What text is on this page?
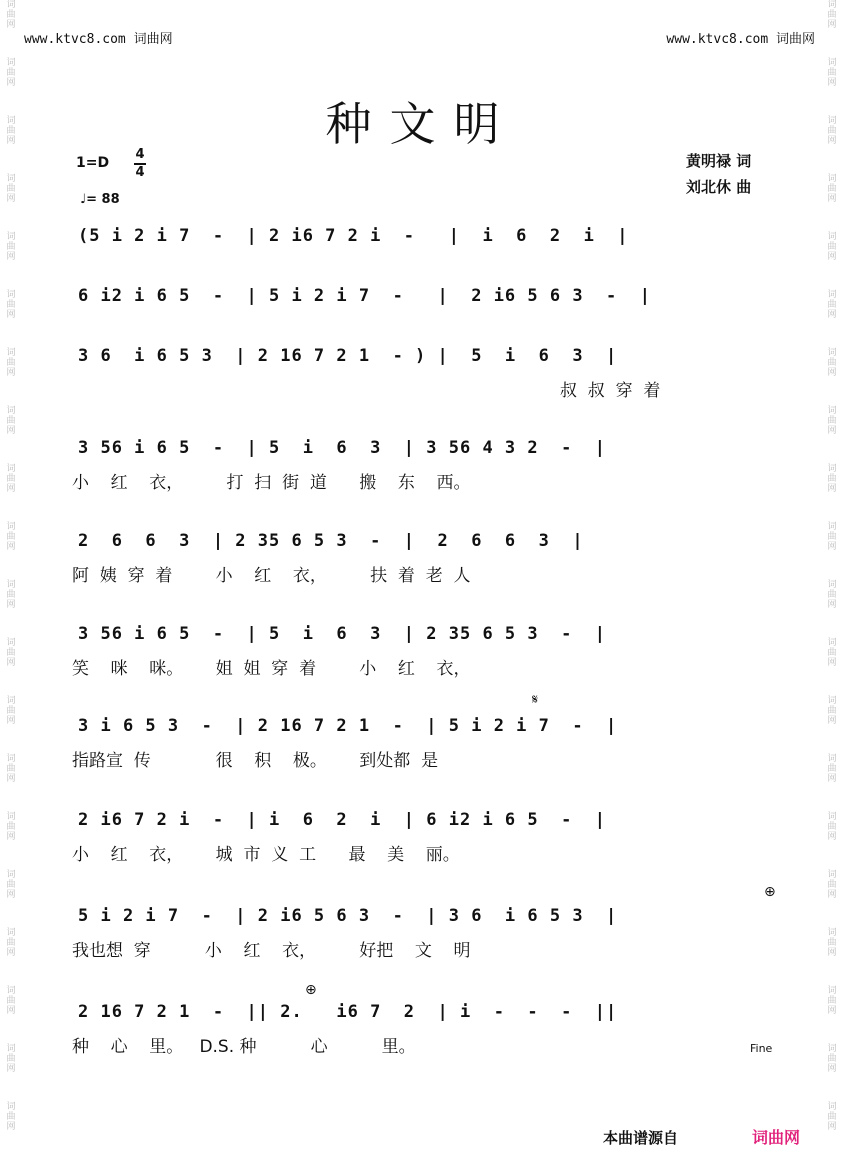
词
曲
网
词
曲
网
词
曲
网
词
曲
网
词
曲
网
词
曲
网
词
曲
网
词
曲
网
词
曲
网
词
曲
网
词
曲
网
词
曲
网
词
曲
网
词
曲
网
词
曲
网
词
曲
网
词
曲
网
词
曲
网
词
曲
网
词
曲
网
词
曲
网
词
曲
网
词
曲
网
词
曲
网
词
曲
网
词
曲
网
词
曲
网
词
曲
网
词
曲
网
词
曲
网
词
曲
网
词
曲
网
词
曲
网
词
曲
网
词
曲
网
词
曲
网
词
曲
网
词
曲
网
词
曲
网
词
曲
网
www.ktvc8.com 词曲网	www.ktvc8.com 词曲网
种文明
1=D
4
4
♩= 88
黄明禄 词
刘北休 曲
(5 i 2 i 7  -  | 2 i6 7 2 i  -   |  i  6  2  i  |
6 i2 i 6 5  -  | 5 i 2 i 7  -   |  2 i6 5 6 3  -  |
3 6  i 6 5 3  | 2 16 7 2 1  - ) |  5  i  6  3  |
叔  叔  穿  着
3 56 i 6 5  -  | 5  i  6  3  | 3 56 4 3 2  -  |
小    红    衣，        打  扫  街  道      搬    东    西。
2  6  6  3  | 2 35 6 5 3  -  |  2  6  6  3  |
阿  姨  穿  着        小    红    衣，        扶  着  老  人
3 56 i 6 5  -  | 5  i  6  3  | 2 35 6 5 3  -  |
笑    咪    咪。      姐  姐  穿  着        小    红    衣，
3 i 6 5 3  -  | 2 16 7 2 1  -  | 5 i 2 i 7  -  |
指路宣  传            很    积    极。      到处都  是
2 i6 7 2 i  -  | i  6  2  i  | 6 i2 i 6 5  -  |
小    红    衣，      城  市  义  工      最    美    丽。
5 i 2 i 7  -  | 2 i6 5 6 3  -  | 3 6  i 6 5 3  |
我也想  穿          小    红    衣，        好把    文    明
2 16 7 2 1  -  || 2.   i6 7  2  | i  -  -  -  ||
种    心    里。   D.S. 种          心          里。
𝄋
⊕
⊕
Fine
本曲谱源自	词曲网
